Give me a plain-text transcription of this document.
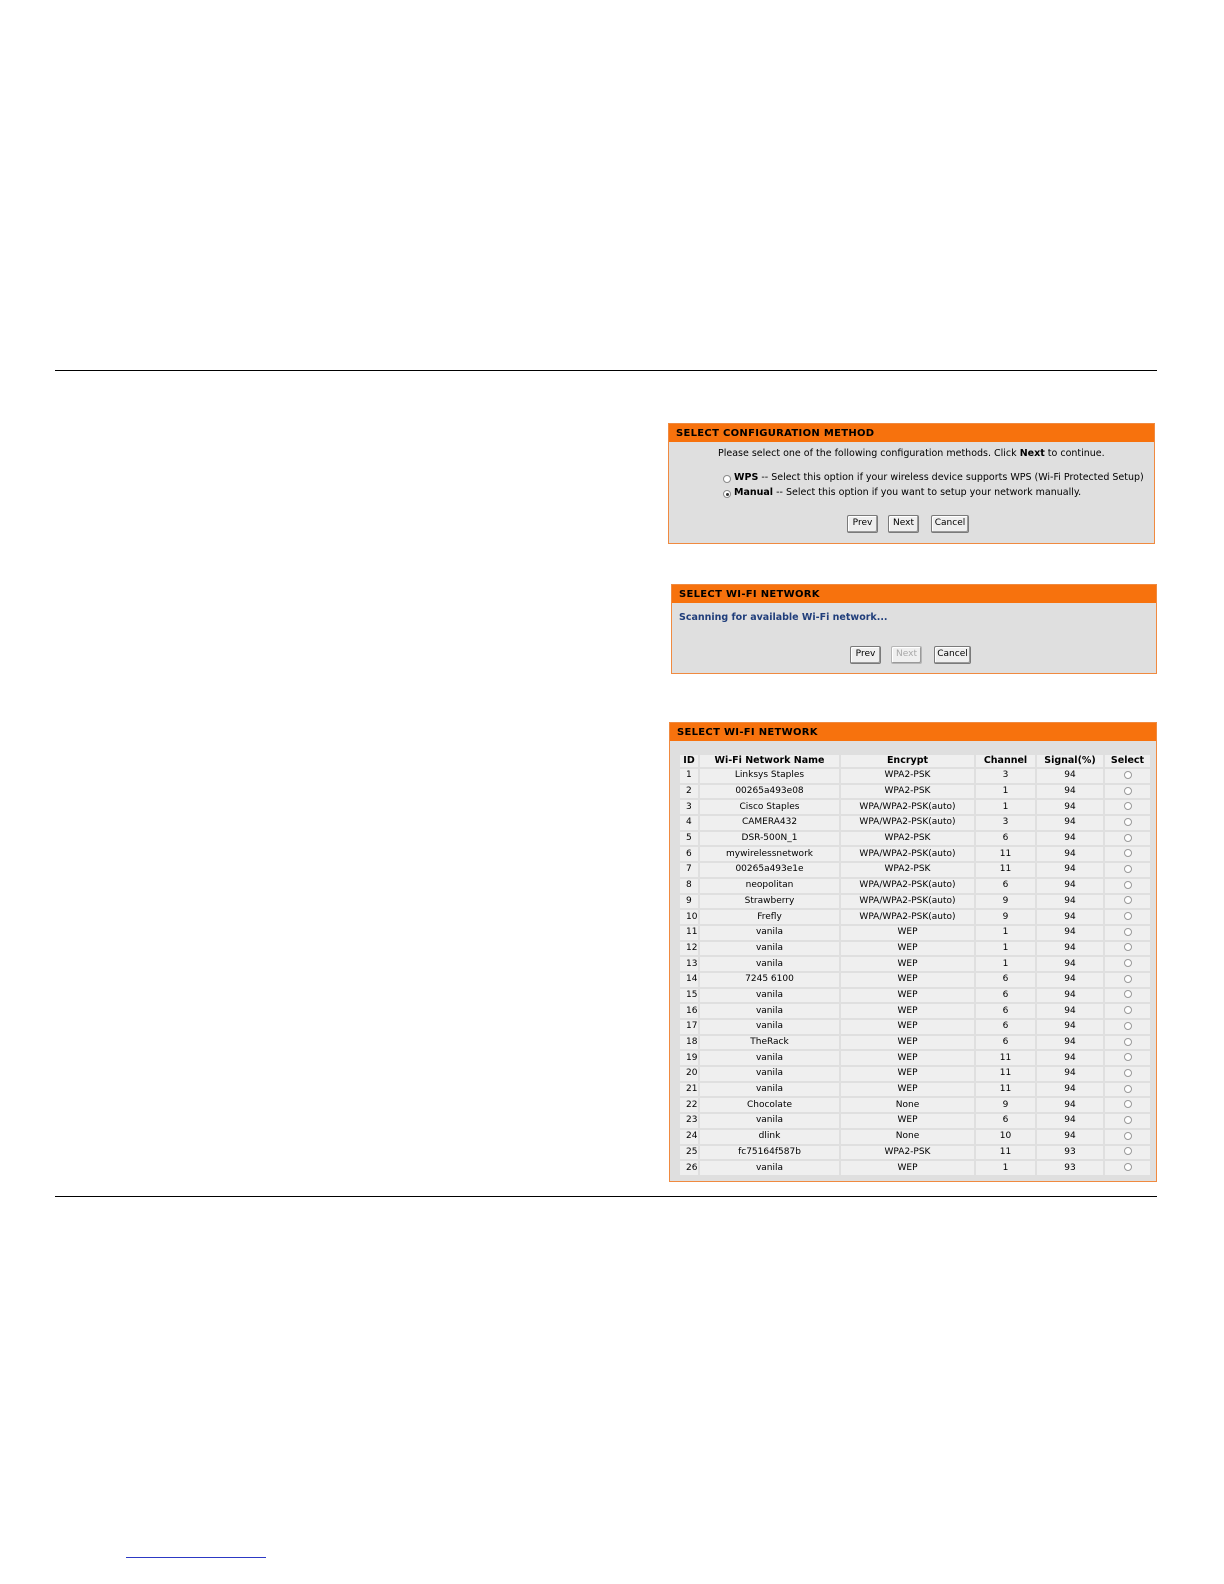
SELECT CONFIGURATION METHOD
Please select one of the following configuration methods. Click Next to continue.
WPS -- Select this option if your wireless device supports WPS (Wi-Fi Protected Setup)
Manual -- Select this option if you want to setup your network manually.
Prev	Next	Cancel
SELECT WI-FI NETWORK
Scanning for available Wi-Fi network...
Prev	Next	Cancel
SELECT WI-FI NETWORK
ID	Wi-Fi Network Name	Encrypt	Channel	Signal(%)	Select
1	Linksys Staples	WPA2-PSK	3	94	
2	00265a493e08	WPA2-PSK	1	94	
3	Cisco Staples	WPA/WPA2-PSK(auto)	1	94	
4	CAMERA432	WPA/WPA2-PSK(auto)	3	94	
5	DSR-500N_1	WPA2-PSK	6	94	
6	mywirelessnetwork	WPA/WPA2-PSK(auto)	11	94	
7	00265a493e1e	WPA2-PSK	11	94	
8	neopolitan	WPA/WPA2-PSK(auto)	6	94	
9	Strawberry	WPA/WPA2-PSK(auto)	9	94	
10	Frefly	WPA/WPA2-PSK(auto)	9	94	
11	vanila	WEP	1	94	
12	vanila	WEP	1	94	
13	vanila	WEP	1	94	
14	7245 6100	WEP	6	94	
15	vanila	WEP	6	94	
16	vanila	WEP	6	94	
17	vanila	WEP	6	94	
18	TheRack	WEP	6	94	
19	vanila	WEP	11	94	
20	vanila	WEP	11	94	
21	vanila	WEP	11	94	
22	Chocolate	None	9	94	
23	vanila	WEP	6	94	
24	dlink	None	10	94	
25	fc75164f587b	WPA2-PSK	11	93	
26	vanila	WEP	1	93	
